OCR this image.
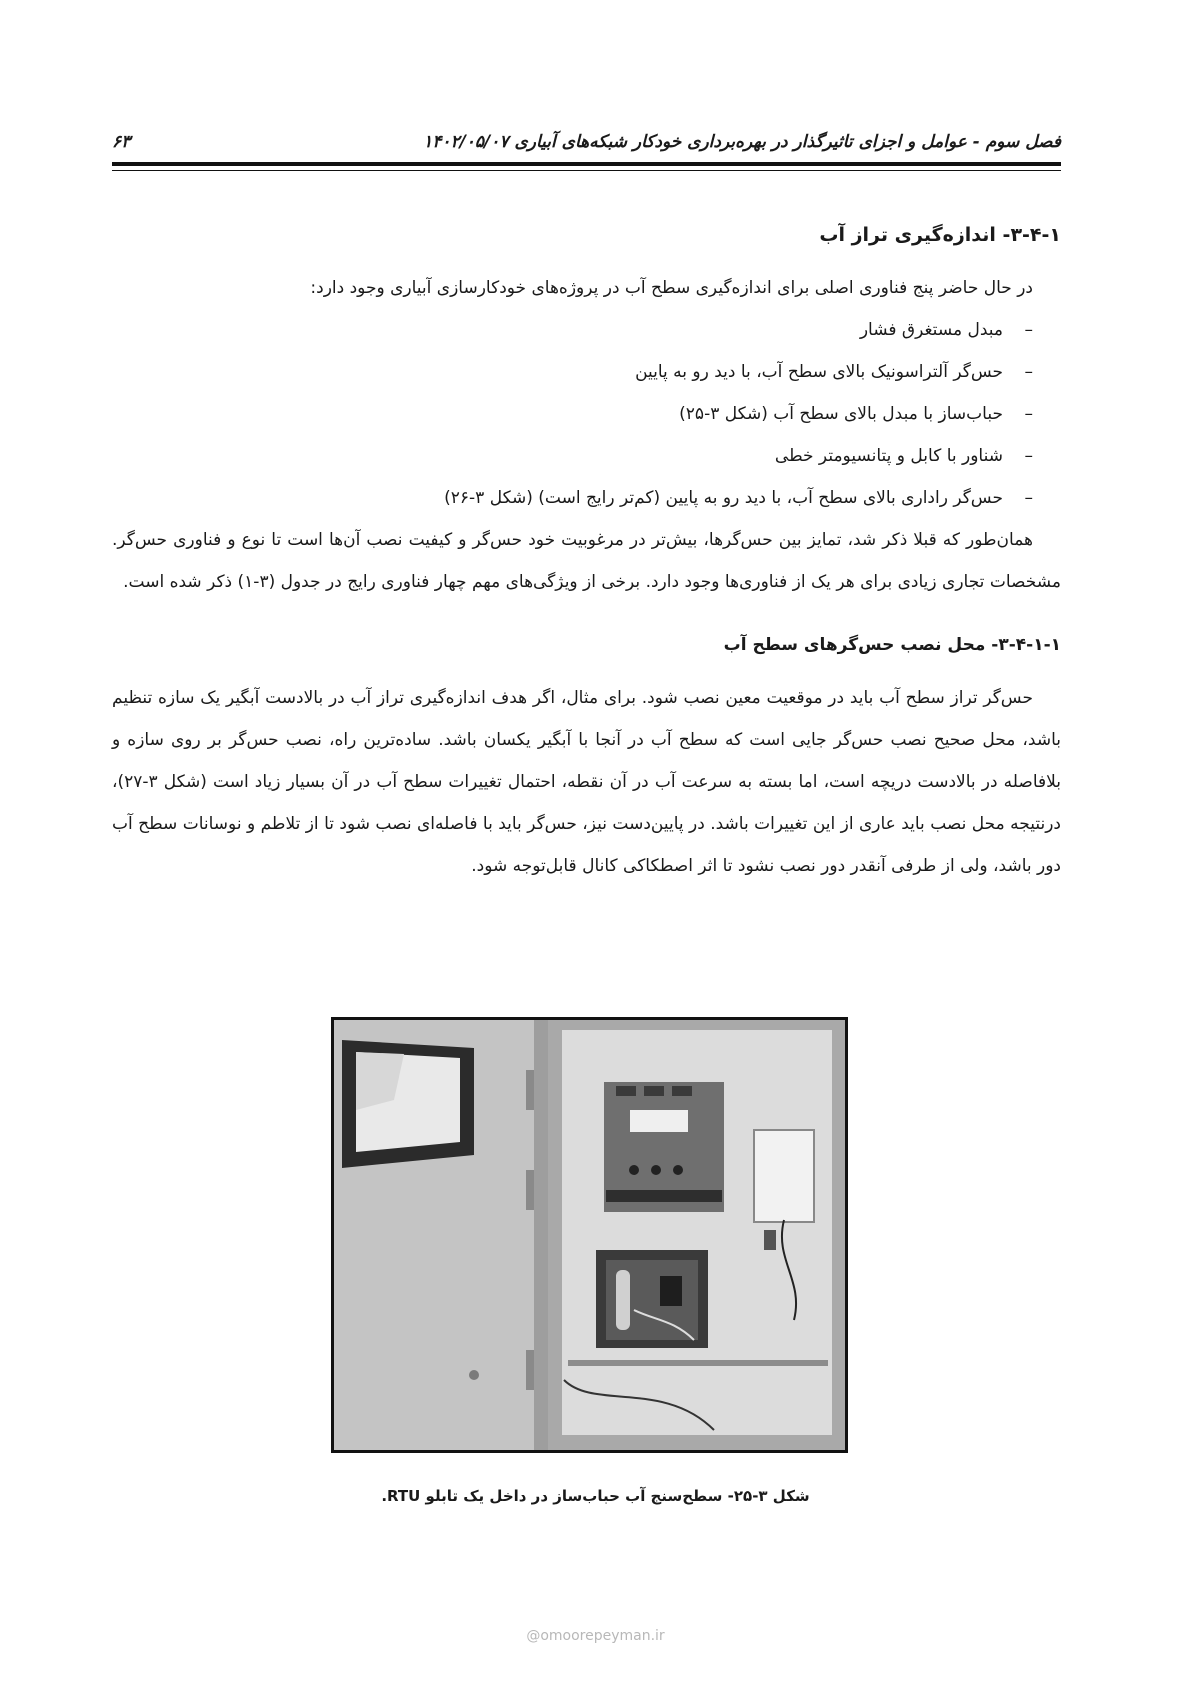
فصل سوم - عوامل و اجزای تاثیرگذار در بهره‌برداری خودکار شبکه‌های آبیاری ۱۴۰۲/۰۵/۰۷
۶۳
۳-۴-۱- اندازه‌گیری تراز آب

در حال حاضر پنج فناوری اصلی برای اندازه‌گیری سطح آب در پروژه‌های خودکارسازی آبیاری وجود دارد:

–مبدل مستغرق فشار
–حس‌گر آلتراسونیک بالای سطح آب، با دید رو به پایین
–حباب‌ساز با مبدل بالای سطح آب (شکل ۳-۲۵)
–شناور با کابل و پتانسیومتر خطی
–حس‌گر راداری بالای سطح آب، با دید رو به پایین (کم‌تر رایج است) (شکل ۳-۲۶)

همان‌طور که قبلا ذکر شد، تمایز بین حس‌گرها، بیش‌تر در مرغوبیت خود حس‌گر و کیفیت نصب آن‌ها است تا نوع و فناوری حس‌گر. مشخصات تجاری زیادی برای هر یک از فناوری‌ها وجود دارد. برخی از ویژگی‌های مهم چهار فناوری رایج در جدول (۳-۱) ذکر شده است.

۳-۴-۱-۱- محل نصب حس‌گرهای سطح آب

حس‌گر تراز سطح آب باید در موقعیت معین نصب شود. برای مثال، اگر هدف اندازه‌گیری تراز آب در بالادست آبگیر یک سازه تنظیم باشد، محل صحیح نصب حس‌گر جایی است که سطح آب در آنجا با آبگیر یکسان باشد. ساده‌ترین راه، نصب حس‌گر بر روی سازه و بلافاصله در بالادست دریچه است، اما بسته به سرعت آب در آن نقطه، احتمال تغییرات سطح آب در آن بسیار زیاد است (شکل ۳-۲۷)، درنتیجه محل نصب باید عاری از این تغییرات باشد. در پایین‌دست نیز، حس‌گر باید با فاصله‌ای نصب شود تا از تلاطم و نوسانات سطح آب دور باشد، ولی از طرفی آنقدر دور نصب نشود تا اثر اصطکاکی کانال قابل‌توجه شود.

شکل ۳-۲۵- سطح‌سنج آب حباب‌ساز در داخل یک تابلو RTU.
@omoorepeyman.ir
